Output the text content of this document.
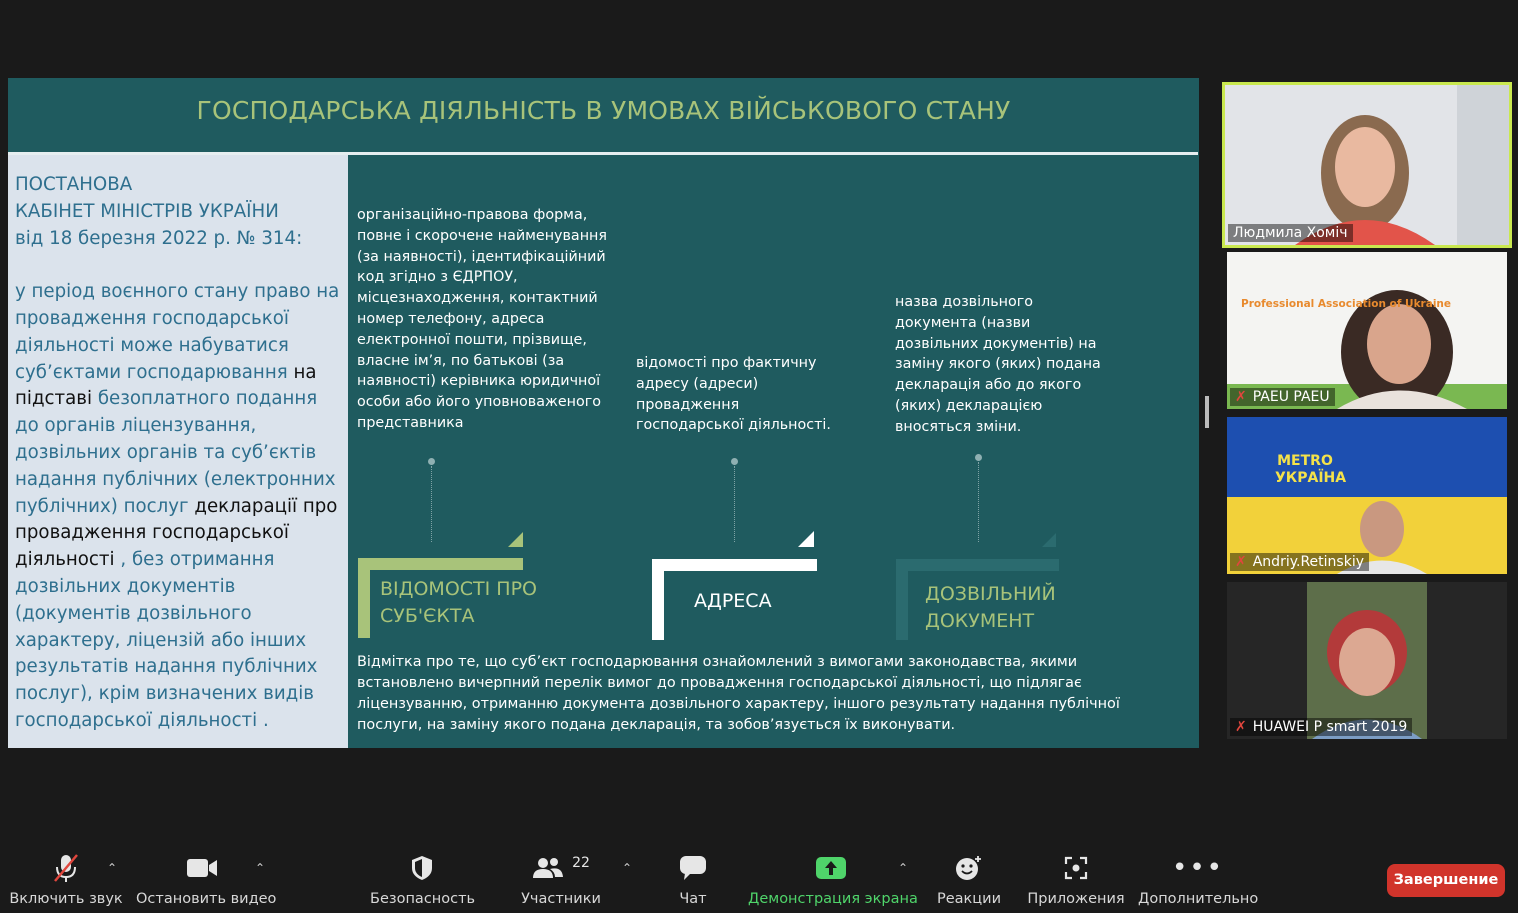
ГОСПОДАРСЬКА ДІЯЛЬНІСТЬ В УМОВАХ ВІЙСЬКОВОГО СТАНУ
ПОСТАНОВА
КАБІНЕТ МІНІСТРІВ УКРАЇНИ
від 18 березня 2022 р. № 314:
у період воєнного стану право на провадження господарської діяльності може набуватися суб’єктами господарювання на підставі безоплатного подання до органів ліцензування, дозвільних органів та суб’єктів надання публічних (електронних публічних) послуг декларації про провадження господарської діяльності , без отримання дозвільних документів (документів дозвільного характеру, ліцензій або інших результатів надання публічних послуг), крім визначених видів господарської діяльності .
організаційно-правова форма, повне і скорочене найменування (за наявності), ідентифікаційний код згідно з ЄДРПОУ, місцезнаходження, контактний номер телефону, адреса електронної пошти, прізвище, власне ім’я, по батькові (за наявності) керівника юридичної особи або його уповноваженого представника
відомості про фактичну адресу (адреси) провадження господарської діяльності.
назва дозвільного документа (назви дозвільних документів) на заміну якого (яких) подана декларація або до якого (яких) декларацією вносяться зміни.
ВІДОМОСТІ ПРО
СУБ'ЄКТА
АДРЕСА	ДОЗВІЛЬНИЙ
ДОКУМЕНТ
Відмітка про те, що суб’єкт господарювання ознайомлений з вимогами законодавства, якими встановлено вичерпний перелік вимог до провадження господарської діяльності, що підлягає ліцензуванню, отриманню документа дозвільного характеру, іншого результату надання публічної послуги, на заміну якого подана декларація, та зобов’язується їх виконувати.
Людмила Хоміч
Professional Association of Ukraine
✗ PAEU PAEU
METRO УКРАЇНА
✗ Andriy.Retinskiy
✗ HUAWEI P smart 2019
Включить звук
⌃
Остановить видео
⌃
Безопасность
22
Участники
⌃
Чат	Демонстрация экрана
⌃
Реакции Приложения
•••
Дополнительно
Завершение
